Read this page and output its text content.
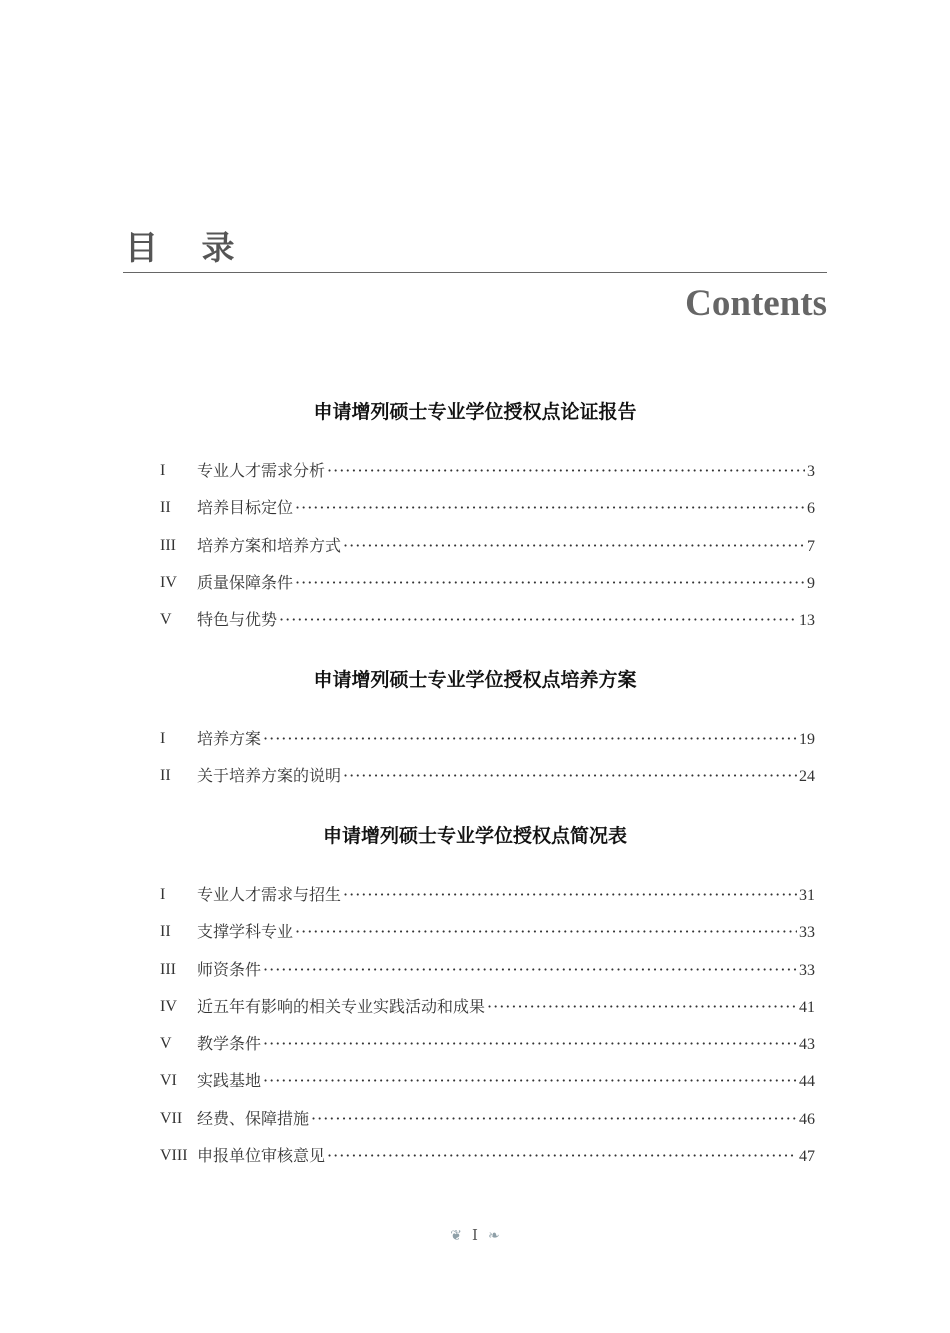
目 录
Contents
申请增列硕士专业学位授权点论证报告
I	专业人才需求分析 ·····	3
II	培养目标定位 ·····	6
III	培养方案和培养方式 ·····	7
IV	质量保障条件 ·····	9
V	特色与优势 ·····	13
申请增列硕士专业学位授权点培养方案
I	培养方案 ·····	19
II	关于培养方案的说明 ·····	24
申请增列硕士专业学位授权点简况表
I	专业人才需求与招生 ·····	31
II	支撑学科专业 ·····	33
III	师资条件 ·····	33
IV	近五年有影响的相关专业实践活动和成果 ·····	41
V	教学条件 ·····	43
VI	实践基地 ·····	44
VII 经费、保障措施 ·····	46
VIII 申报单位审核意见 ·····	47
❦ I ❧
